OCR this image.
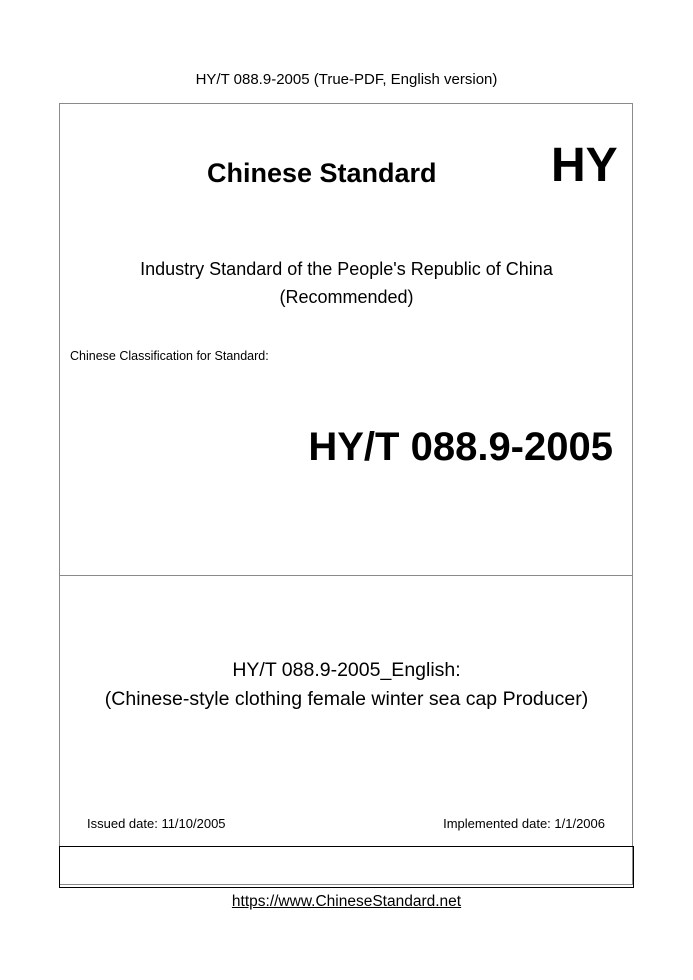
HY/T 088.9-2005 (True-PDF, English version)
Chinese Standard HY
Industry Standard of the People's Republic of China
(Recommended)
Chinese Classification for Standard:
HY/T 088.9-2005
HY/T 088.9-2005_English:
(Chinese-style clothing female winter sea cap Producer)
Issued date: 11/10/2005	Implemented date: 1/1/2006
https://www.ChineseStandard.net
